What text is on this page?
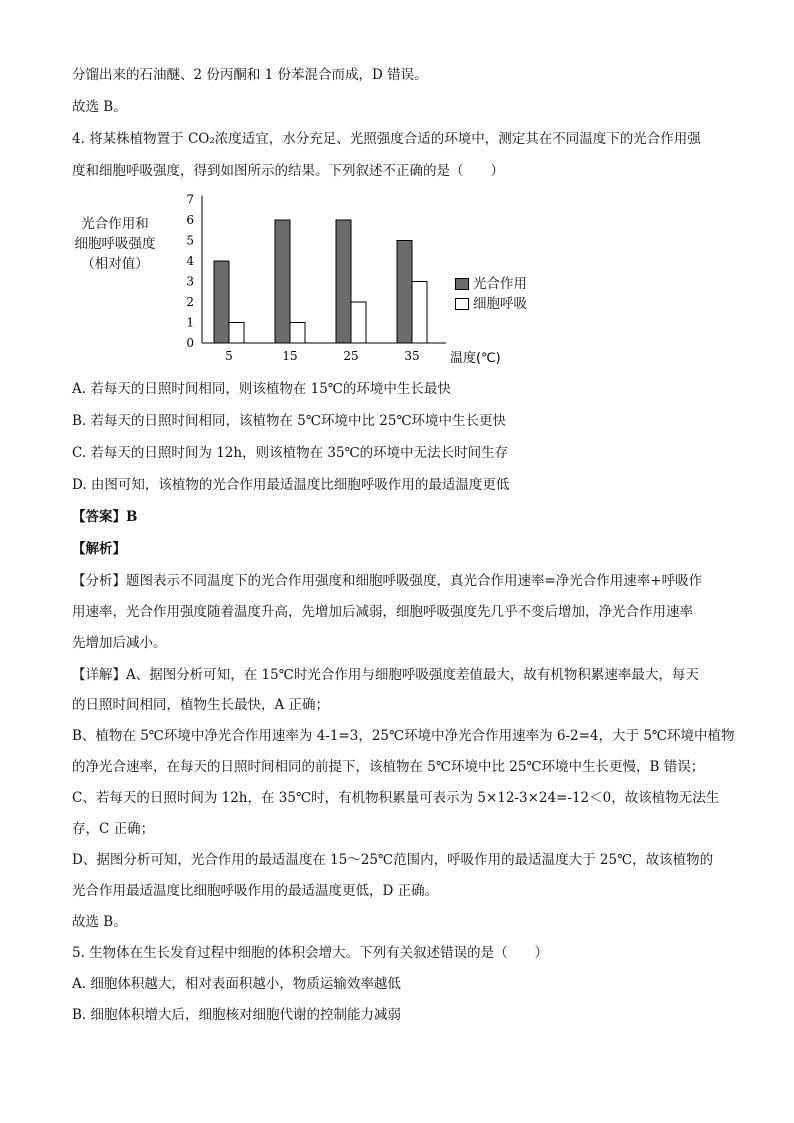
分馏出来的石油醚、2 份丙酮和 1 份苯混合而成，D 错误。
故选 B。
4. 将某株植物置于 CO₂浓度适宜，水分充足、光照强度合适的环境中，测定其在不同温度下的光合作用强
度和细胞呼吸强度，得到如图所示的结果。下列叙述不正确的是（　　）
光合作用和
细胞呼吸强度
（相对值）
0
1
2
3
4
5
6
7
5	15	25	35 温度(℃)
光合作用
细胞呼吸
A. 若每天的日照时间相同，则该植物在 15℃的环境中生长最快
B. 若每天的日照时间相同，该植物在 5℃环境中比 25℃环境中生长更快
C. 若每天的日照时间为 12h，则该植物在 35℃的环境中无法长时间生存
D. 由图可知，该植物的光合作用最适温度比细胞呼吸作用的最适温度更低
【答案】B
【解析】
【分析】题图表示不同温度下的光合作用强度和细胞呼吸强度，真光合作用速率=净光合作用速率+呼吸作
用速率，光合作用强度随着温度升高，先增加后减弱，细胞呼吸强度先几乎不变后增加，净光合作用速率
先增加后减小。
【详解】A、据图分析可知，在 15℃时光合作用与细胞呼吸强度差值最大，故有机物积累速率最大，每天
的日照时间相同，植物生长最快，A 正确；
B、植物在 5℃环境中净光合作用速率为 4-1=3，25℃环境中净光合作用速率为 6-2=4，大于 5℃环境中植物
的净光合速率，在每天的日照时间相同的前提下，该植物在 5℃环境中比 25℃环境中生长更慢，B 错误；
C、若每天的日照时间为 12h，在 35℃时，有机物积累量可表示为 5×12-3×24=-12＜0，故该植物无法生
存，C 正确；
D、据图分析可知，光合作用的最适温度在 15～25℃范围内，呼吸作用的最适温度大于 25℃，故该植物的
光合作用最适温度比细胞呼吸作用的最适温度更低，D 正确。
故选 B。
5. 生物体在生长发育过程中细胞的体积会增大。下列有关叙述错误的是（　　）
A. 细胞体积越大，相对表面积越小，物质运输效率越低
B. 细胞体积增大后，细胞核对细胞代谢的控制能力减弱
